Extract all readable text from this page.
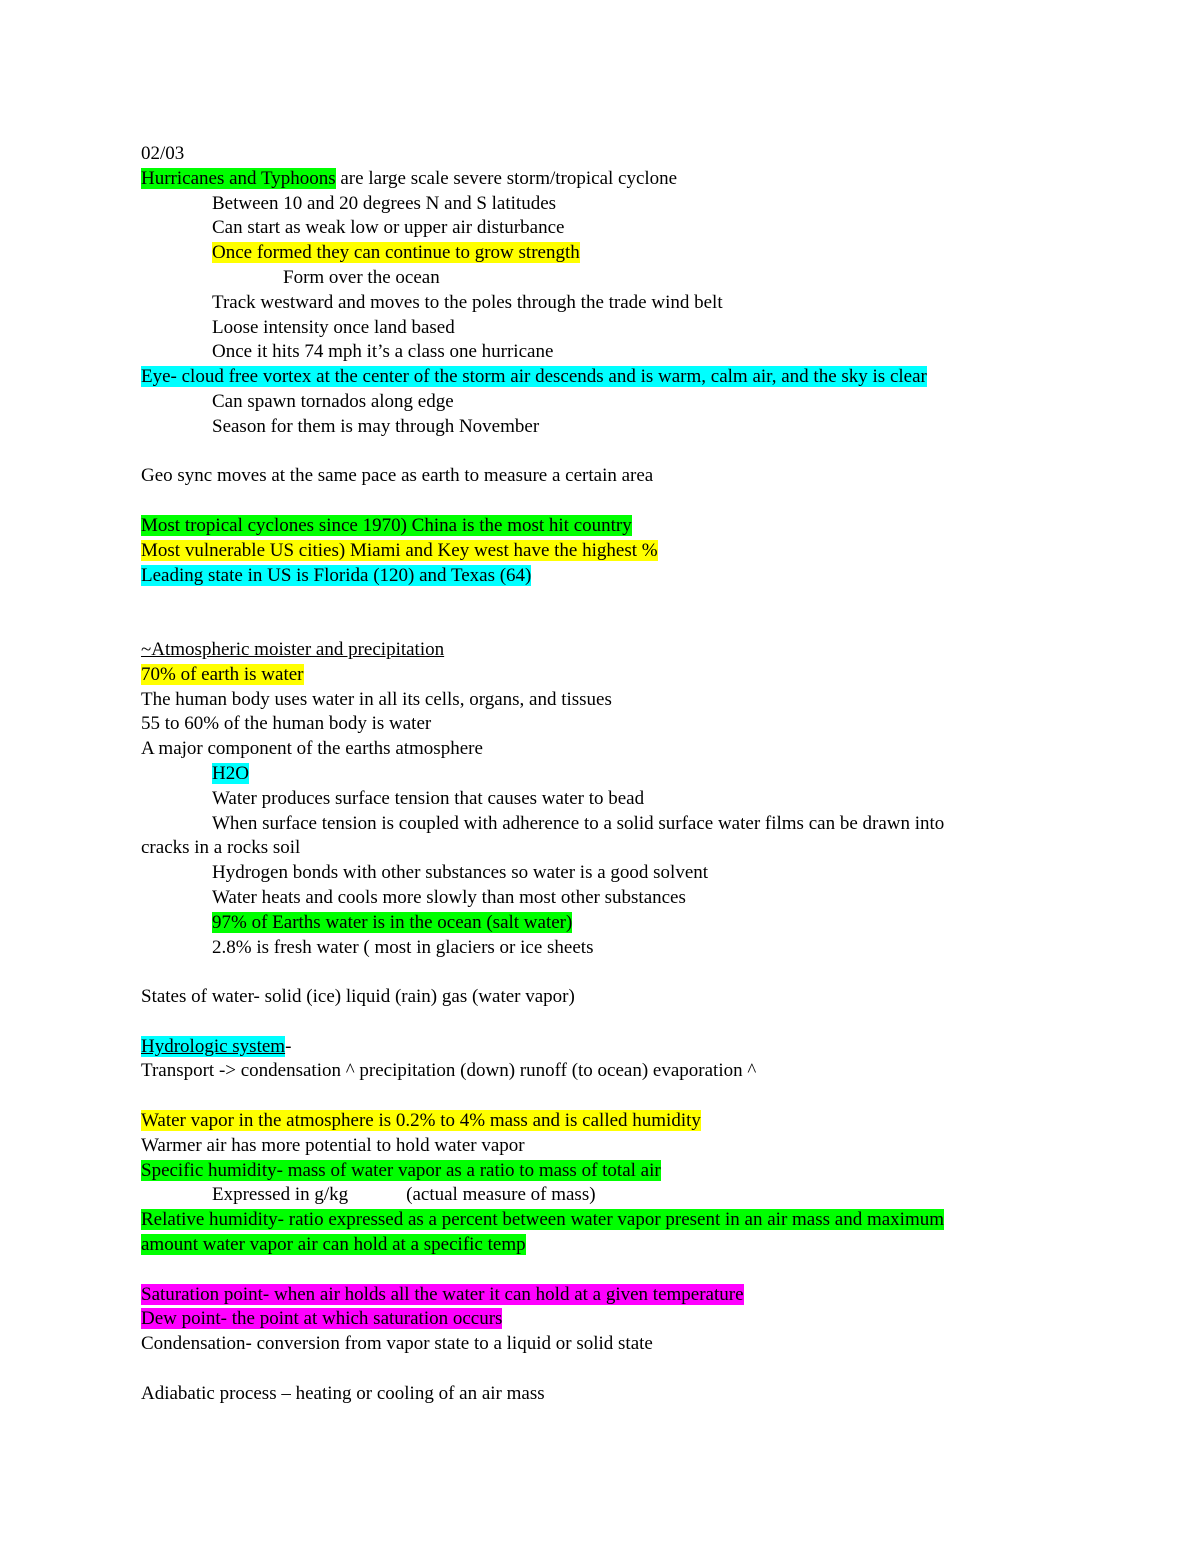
02/03
Hurricanes and Typhoons are large scale severe storm/tropical cyclone
Between 10 and 20 degrees N and S latitudes
Can start as weak low or upper air disturbance
Once formed they can continue to grow strength
Form over the ocean
Track westward and moves to the poles through the trade wind belt
Loose intensity once land based
Once it hits 74 mph it’s a class one hurricane
Eye- cloud free vortex at the center of the storm air descends and is warm, calm air, and the sky is clear
Can spawn tornados along edge
Season for them is may through November
Geo sync moves at the same pace as earth to measure a certain area
Most tropical cyclones since 1970) China is the most hit country
Most vulnerable US cities) Miami and Key west have the highest %
Leading state in US is Florida (120) and Texas (64)
~Atmospheric moister and precipitation
70% of earth is water
The human body uses water in all its cells, organs, and tissues
55 to 60% of the human body is water
A major component of the earths atmosphere
H2O
Water produces surface tension that causes water to bead
When surface tension is coupled with adherence to a solid surface water films can be drawn into
cracks in a rocks soil
Hydrogen bonds with other substances so water is a good solvent
Water heats and cools more slowly than most other substances
97% of Earths water is in the ocean (salt water)
2.8% is fresh water ( most in glaciers or ice sheets
States of water- solid (ice) liquid (rain) gas (water vapor)
Hydrologic system-
Transport -> condensation ^ precipitation (down) runoff (to ocean) evaporation ^
Water vapor in the atmosphere is 0.2% to 4% mass and is called humidity
Warmer air has more potential to hold water vapor
Specific humidity- mass of water vapor as a ratio to mass of total air
Expressed in g/kg	(actual measure of mass)
Relative humidity- ratio expressed as a percent between water vapor present in an air mass and maximum
amount water vapor air can hold at a specific temp
Saturation point- when air holds all the water it can hold at a given temperature
Dew point- the point at which saturation occurs
Condensation- conversion from vapor state to a liquid or solid state
Adiabatic process – heating or cooling of an air mass
